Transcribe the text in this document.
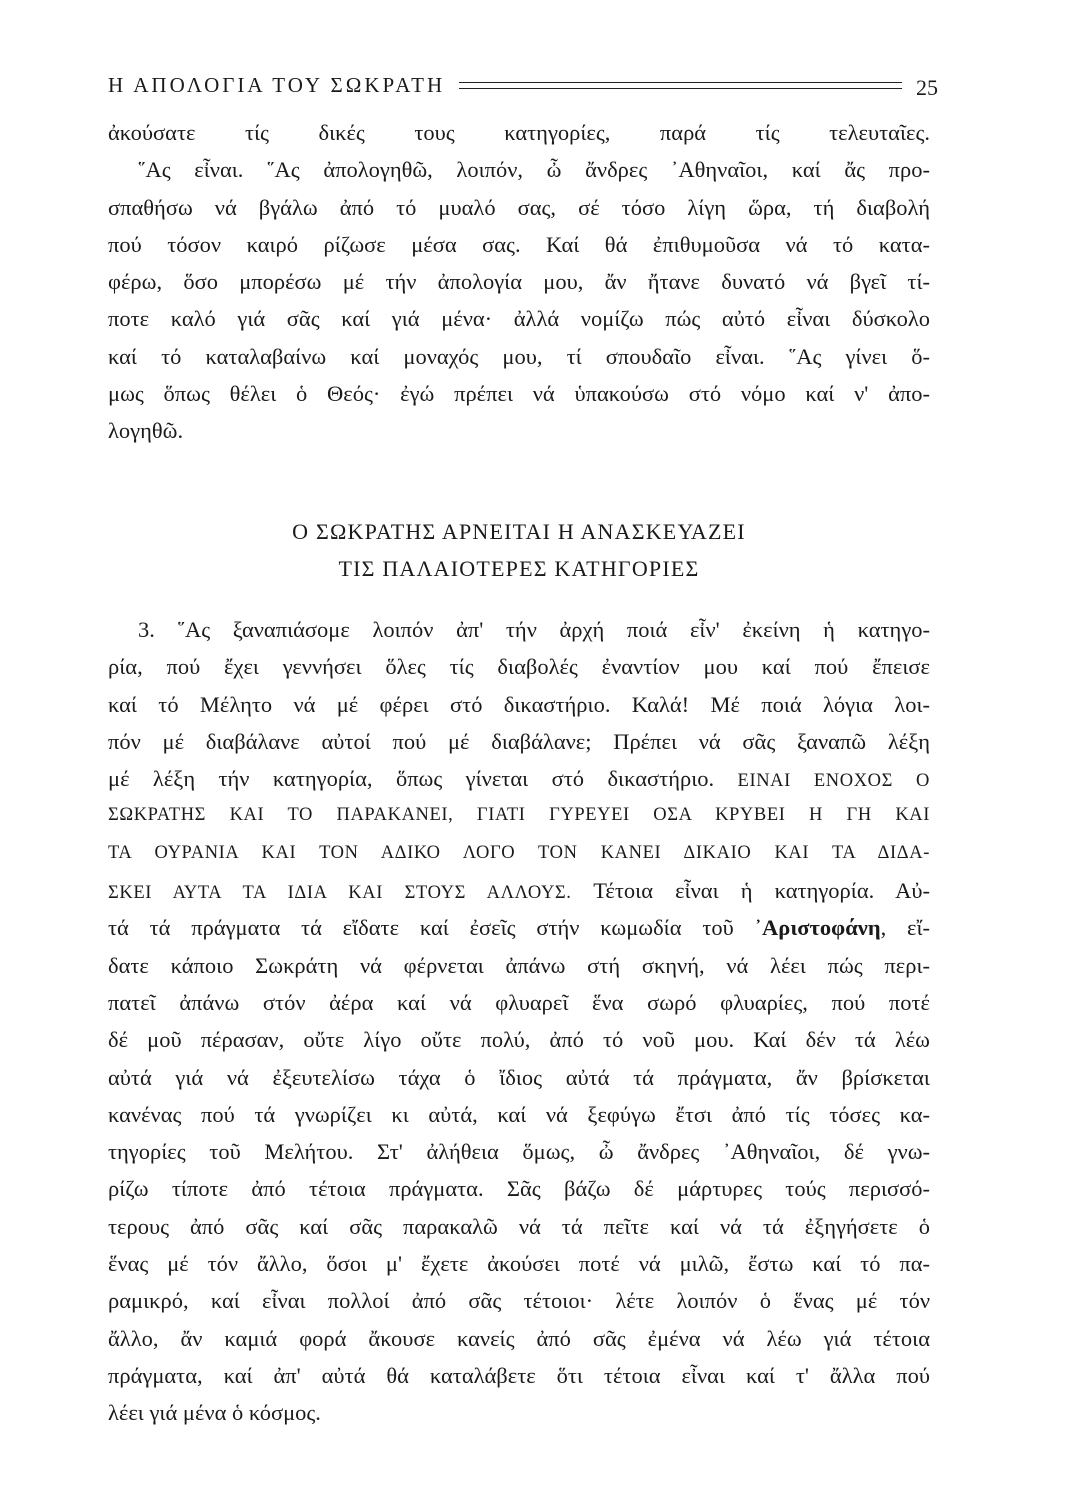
Η ΑΠΟΛΟΓΙΑ ΤΟΥ ΣΩΚΡΑΤΗ	25
ἀκούσατε τίς δικές τους κατηγορίες, παρά τίς τελευταῖες.
῞Ας εἶναι. ῞Ας ἀπολογηθῶ, λοιπόν, ὦ ἄνδρες ᾿Αθηναῖοι, καί ἄς προ-
σπαθήσω νά βγάλω ἀπό τό μυαλό σας, σέ τόσο λίγη ὥρα, τή διαβολή
πού τόσον καιρό ρίζωσε μέσα σας. Καί θά ἐπιθυμοῦσα νά τό κατα-
φέρω, ὅσο μπορέσω μέ τήν ἀπολογία μου, ἄν ἤτανε δυνατό νά βγεῖ τί-
ποτε καλό γιά σᾶς καί γιά μένα· ἀλλά νομίζω πώς αὐτό εἶναι δύσκολο
καί τό καταλαβαίνω καί μοναχός μου, τί σπουδαῖο εἶναι. ῞Ας γίνει ὅ-
μως ὅπως θέλει ὁ Θεός· ἐγώ πρέπει νά ὑπακούσω στό νόμο καί ν' ἀπο-
λογηθῶ.
Ο ΣΩΚΡΑΤΗΣ ΑΡΝΕΙΤΑΙ Η ΑΝΑΣΚΕΥΑΖΕΙ
ΤΙΣ ΠΑΛΑΙΟΤΕΡΕΣ ΚΑΤΗΓΟΡΙΕΣ
3. ῞Ας ξαναπιάσομε λοιπόν ἀπ' τήν ἀρχή ποιά εἶν' ἐκείνη ἡ κατηγο-
ρία, πού ἔχει γεννήσει ὅλες τίς διαβολές ἐναντίον μου καί πού ἔπεισε
καί τό Μέλητο νά μέ φέρει στό δικαστήριο. Καλά! Μέ ποιά λόγια λοι-
πόν μέ διαβάλανε αὐτοί πού μέ διαβάλανε; Πρέπει νά σᾶς ξαναπῶ λέξη
μέ λέξη τήν κατηγορία, ὅπως γίνεται στό δικαστήριο. ΕΙΝΑΙ ΕΝΟΧΟΣ Ο
ΣΩΚΡΑΤΗΣ ΚΑΙ ΤΟ ΠΑΡΑΚΑΝΕΙ, ΓΙΑΤΙ ΓΥΡΕΥΕΙ ΟΣΑ ΚΡΥΒΕΙ Η ΓΗ ΚΑΙ
ΤΑ ΟΥΡΑΝΙΑ ΚΑΙ ΤΟΝ ΑΔΙΚΟ ΛΟΓΟ ΤΟΝ ΚΑΝΕΙ ΔΙΚΑΙΟ ΚΑΙ ΤΑ ΔΙΔΑ-
ΣΚΕΙ ΑΥΤΑ ΤΑ ΙΔΙΑ ΚΑΙ ΣΤΟΥΣ ΑΛΛΟΥΣ. Τέτοια εἶναι ἡ κατηγορία. Αὐ-
τά τά πράγματα τά εἴδατε καί ἐσεῖς στήν κωμωδία τοῦ ᾿Αριστοφάνη, εἴ-
δατε κάποιο Σωκράτη νά φέρνεται ἀπάνω στή σκηνή, νά λέει πώς περι-
πατεῖ ἀπάνω στόν ἀέρα καί νά φλυαρεῖ ἕνα σωρό φλυαρίες, πού ποτέ
δέ μοῦ πέρασαν, οὔτε λίγο οὔτε πολύ, ἀπό τό νοῦ μου. Καί δέν τά λέω
αὐτά γιά νά ἐξευτελίσω τάχα ὁ ἴδιος αὐτά τά πράγματα, ἄν βρίσκεται
κανένας πού τά γνωρίζει κι αὐτά, καί νά ξεφύγω ἔτσι ἀπό τίς τόσες κα-
τηγορίες τοῦ Μελήτου. Στ' ἀλήθεια ὅμως, ὦ ἄνδρες ᾿Αθηναῖοι, δέ γνω-
ρίζω τίποτε ἀπό τέτοια πράγματα. Σᾶς βάζω δέ μάρτυρες τούς περισσό-
τερους ἀπό σᾶς καί σᾶς παρακαλῶ νά τά πεῖτε καί νά τά ἐξηγήσετε ὁ
ἕνας μέ τόν ἄλλο, ὅσοι μ' ἔχετε ἀκούσει ποτέ νά μιλῶ, ἔστω καί τό πα-
ραμικρό, καί εἶναι πολλοί ἀπό σᾶς τέτοιοι· λέτε λοιπόν ὁ ἕνας μέ τόν
ἄλλο, ἄν καμιά φορά ἄκουσε κανείς ἀπό σᾶς ἐμένα νά λέω γιά τέτοια
πράγματα, καί ἀπ' αὐτά θά καταλάβετε ὅτι τέτοια εἶναι καί τ' ἄλλα πού
λέει γιά μένα ὁ κόσμος.
